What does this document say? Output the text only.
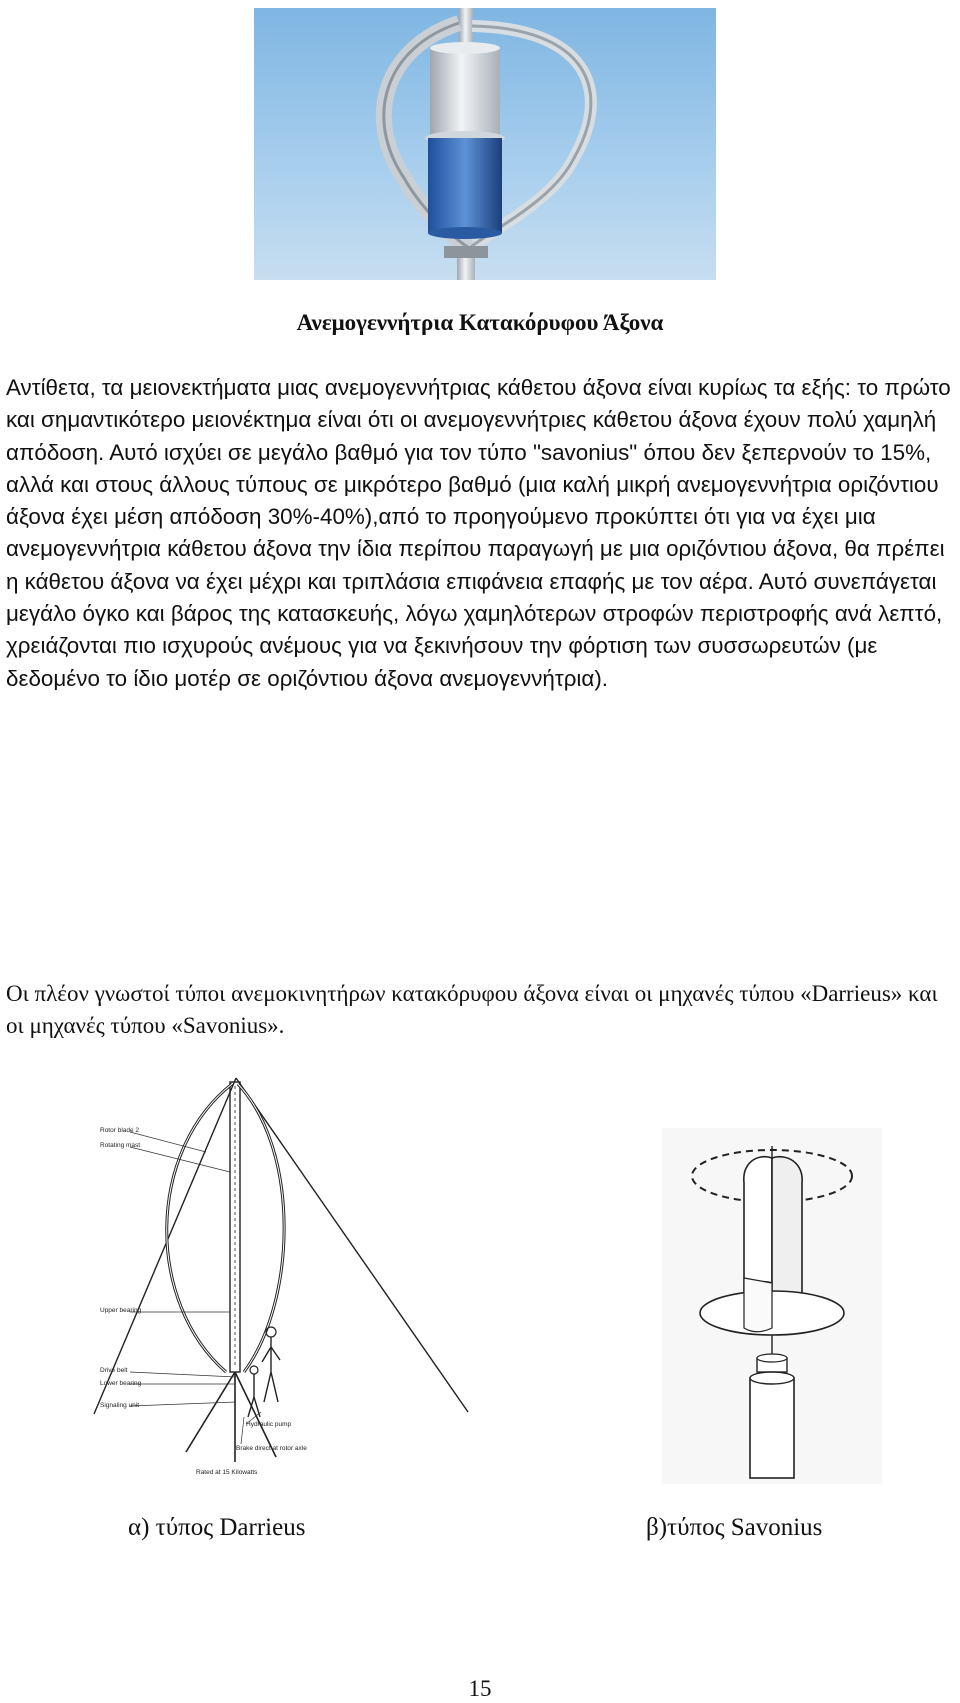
Ανεμογεννήτρια Κατακόρυφου Άξονα

Αντίθετα, τα μειονεκτήματα μιας ανεμογεννήτριας κάθετου άξονα είναι κυρίως τα εξής: το πρώτο και σημαντικότερο μειονέκτημα είναι ότι οι ανεμογεννήτριες κάθετου άξονα έχουν πολύ χαμηλή απόδοση. Αυτό ισχύει σε μεγάλο βαθμό για τον τύπο "savonius" όπου δεν ξεπερνούν το 15%, αλλά και στους άλλους τύπους σε μικρότερο βαθμό (μια καλή μικρή ανεμογεννήτρια οριζόντιου άξονα έχει μέση απόδοση 30%-40%),από το προηγούμενο προκύπτει ότι για να έχει μια ανεμογεννήτρια κάθετου άξονα την ίδια περίπου παραγωγή με μια οριζόντιου άξονα, θα πρέπει η κάθετου άξονα να έχει μέχρι και τριπλάσια επιφάνεια επαφής με τον αέρα. Αυτό συνεπάγεται μεγάλο όγκο και βάρος της κατασκευής, λόγω χαμηλότερων στροφών περιστροφής ανά λεπτό, χρειάζονται πιο ισχυρούς ανέμους για να ξεκινήσουν την φόρτιση των συσσωρευτών (με δεδομένο το ίδιο μοτέρ σε οριζόντιου άξονα ανεμογεννήτρια).

Οι πλέον γνωστοί τύποι ανεμοκινητήρων κατακόρυφου άξονα είναι οι μηχανές τύπου «Darrieus» και οι μηχανές τύπου «Savonius».

Rotor blade 2
Rotating mast
Upper bearing
Drive belt
Lower bearing
Signaling unit
Hydraulic pump
Brake direct at rotor axle
Rated at 15 Kilowatts
α) τύπος Darrieus	β)τύπος Savonius
15
